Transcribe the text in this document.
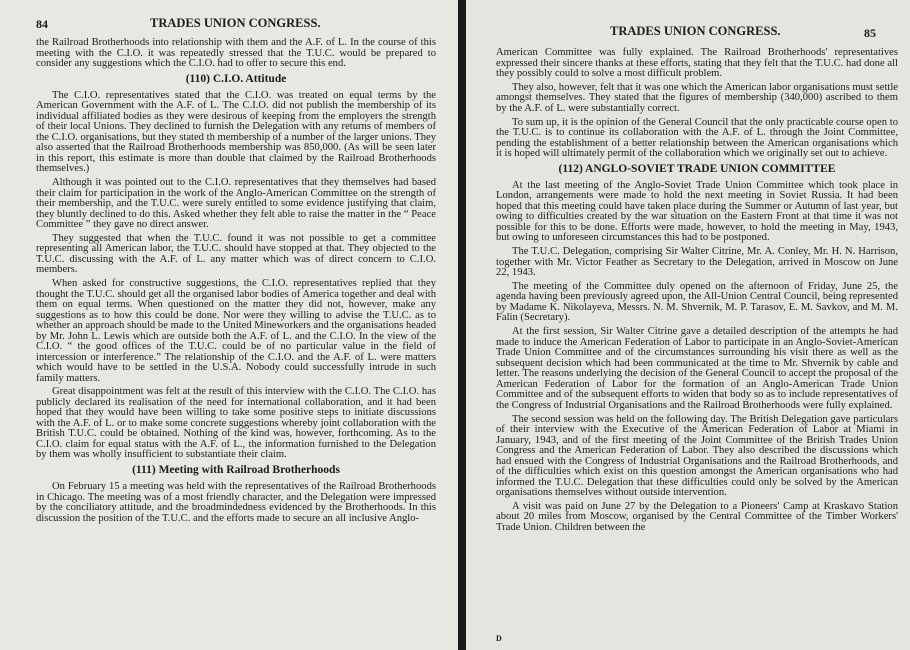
84	TRADES UNION CONGRESS.

the Railroad Brotherhoods into relationship with them and the A.F. of L. In the course of this meeting with the C.I.O. it was repeatedly stressed that the T.U.C. would be prepared to consider any suggestions which the C.I.O. had to offer to secure this end.

(110) C.I.O. Attitude

The C.I.O. representatives stated that the C.I.O. was treated on equal terms by the American Government with the A.F. of L. The C.I.O. did not publish the membership of its individual affiliated bodies as they were desirous of keeping from the employers the strength of their local Unions. They declined to furnish the Delegation with any returns of members of the C.I.O. organisations, but they stated th membership of a number of the larger unions. They also asserted that the Railroad Brotherhoods membership was 850,000. (As will be seen later in this report, this estimate is more than double that claimed by the Railroad Brotherhoods themselves.)

Although it was pointed out to the C.I.O. representatives that they themselves had based their claim for participation in the work of the Anglo-American Committee on the strength of their membership, and the T.U.C. were surely entitled to some evidence justifying that claim, they bluntly declined to do this. Asked whether they felt able to raise the matter in the “ Peace Committee ” they gave no direct answer.

They suggested that when the T.U.C. found it was not possible to get a committee representing all American labor, the T.U.C. should have stopped at that. They objected to the T.U.C. discussing with the A.F. of L. any matter which was of direct concern to C.I.O. members.

When asked for constructive suggestions, the C.I.O. representatives replied that they thought the T.U.C. should get all the organised labor bodies of America together and deal with them on equal terms. When questioned on the matter they did not, however, make any suggestions as to how this could be done. Nor were they willing to advise the T.U.C. as to whether an approach should be made to the United Mineworkers and the organisations headed by Mr. John L. Lewis which are outside both the A.F. of L. and the C.I.O. In the view of the C.I.O. “ the good offices of the T.U.C. could be of no particular value in the field of intercession or interference.” The relationship of the C.I.O. and the A.F. of L. were matters which would have to be settled in the U.S.A. Nobody could successfully intrude in such family matters.

Great disappointment was felt at the result of this interview with the C.I.O. The C.I.O. has publicly declared its realisation of the need for international collaboration, and it had been hoped that they would have been willing to take some positive steps to initiate discussions with the A.F. of L. or to make some concrete suggestions whereby joint collaboration with the British T.U.C. could be obtained. Nothing of the kind was, however, forthcoming. As to the C.I.O. claim for equal status with the A.F. of L., the information furnished to the Delegation by them was wholly insufficient to substantiate their claim.

(111) Meeting with Railroad Brotherhoods

On February 15 a meeting was held with the representatives of the Railroad Brotherhoods in Chicago. The meeting was of a most friendly character, and the Delegation were impressed by the conciliatory attitude, and the broadmindedness evidenced by the Brotherhoods. In this discussion the position of the T.U.C. and the efforts made to secure an all inclusive Anglo-

TRADES UNION CONGRESS.	85

American Committee was fully explained. The Railroad Brotherhoods' representatives expressed their sincere thanks at these efforts, stating that they felt that the T.U.C. had done all they possibly could to solve a most difficult problem.

They also, however, felt that it was one which the American labor organisations must settle amongst themselves. They stated that the figures of membership (340,000) ascribed to them by the A.F. of L. were substantially correct.

To sum up, it is the opinion of the General Council that the only practicable course open to the T.U.C. is to continue its collaboration with the A.F. of L. through the Joint Committee, pending the establishment of a better relationship between the American organisations which it is hoped will ultimately permit of the collaboration which we originally set out to achieve.

(112) ANGLO-SOVIET TRADE UNION COMMITTEE

At the last meeting of the Anglo-Soviet Trade Union Committee which took place in London, arrangements were made to hold the next meeting in Soviet Russia. It had been hoped that this meeting could have taken place during the Summer or Autumn of last year, but owing to difficulties created by the war situation on the Eastern Front at that time it was not possible for this to be done. Efforts were made, however, to hold the meeting in May, 1943, but owing to unforeseen circumstances this had to be postponed.

The T.U.C. Delegation, comprising Sir Walter Citrine, Mr. A. Conley, Mr. H. N. Harrison, together with Mr. Victor Feather as Secretary to the Delegation, arrived in Moscow on June 22, 1943.

The meeting of the Committee duly opened on the afternoon of Friday, June 25, the agenda having been previously agreed upon, the All-Union Central Council, being represented by Madame K. Nikolayeva, Messrs. N. M. Shvernik, M. P. Tarasov, E. M. Savkov, and M. M. Falin (Secretary).

At the first session, Sir Walter Citrine gave a detailed description of the attempts he had made to induce the American Federation of Labor to participate in an Anglo-Soviet-American Trade Union Committee and of the circumstances surrounding his visit there as well as the subsequent decision which had been communicated at the time to Mr. Shvernik by cable and letter. The reasons underlying the decision of the General Council to accept the proposal of the American Federation of Labor for the formation of an Anglo-American Trade Union Committee and of the subsequent efforts to widen that body so as to include representatives of the Congress of Industrial Organisations and the Railroad Brotherhoods were fully explained.

The second session was held on the following day. The British Delegation gave particulars of their interview with the Executive of the American Federation of Labor at Miami in January, 1943, and of the first meeting of the Joint Committee of the British Trades Union Congress and the American Federation of Labor. They also described the discussions which had ensued with the Congress of Industrial Organisations and the Railroad Brotherhoods, and of the difficulties which exist on this question amongst the American organisations who had informed the T.U.C. Delegation that these difficulties could only be solved by the American organisations themselves without outside intervention.

A visit was paid on June 27 by the Delegation to a Pioneers' Camp at Kraskavo Station about 20 miles from Moscow, organised by the Central Committee of the Timber Workers' Trade Union. Children between the

D
